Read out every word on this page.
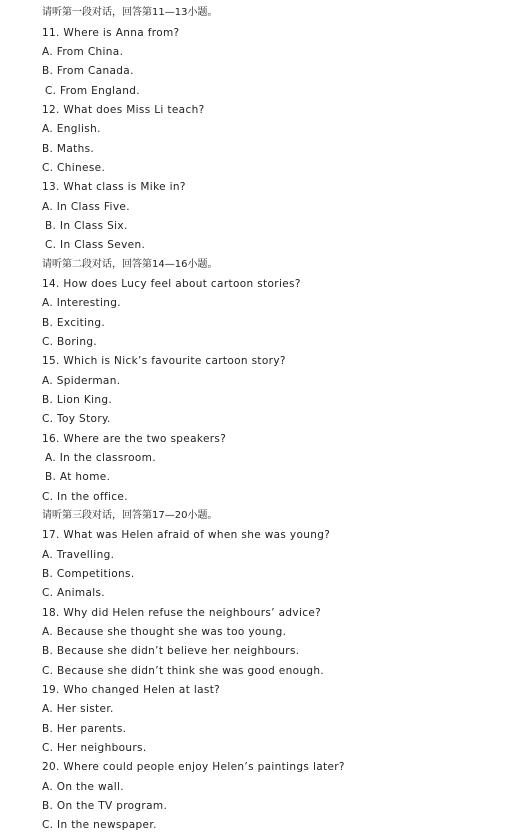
请听第一段对话，回答第11—13小题。
11. Where is Anna from?
A. From China.
B. From Canada.
C. From England.
12. What does Miss Li teach?
A. English.
B. Maths.
C. Chinese.
13. What class is Mike in?
A. In Class Five.
B. In Class Six.
C. In Class Seven.
请听第二段对话，回答第14—16小题。
14. How does Lucy feel about cartoon stories?
A. Interesting.
B. Exciting.
C. Boring.
15. Which is Nick’s favourite cartoon story?
A. Spiderman.
B. Lion King.
C. Toy Story.
16. Where are the two speakers?
A. In the classroom.
B. At home.
C. In the office.
请听第三段对话，回答第17—20小题。
17. What was Helen afraid of when she was young?
A. Travelling.
B. Competitions.
C. Animals.
18. Why did Helen refuse the neighbours’ advice?
A. Because she thought she was too young.
B. Because she didn’t believe her neighbours.
C. Because she didn’t think she was good enough.
19. Who changed Helen at last?
A. Her sister.
B. Her parents.
C. Her neighbours.
20. Where could people enjoy Helen’s paintings later?
A. On the wall.
B. On the TV program.
C. In the newspaper.
